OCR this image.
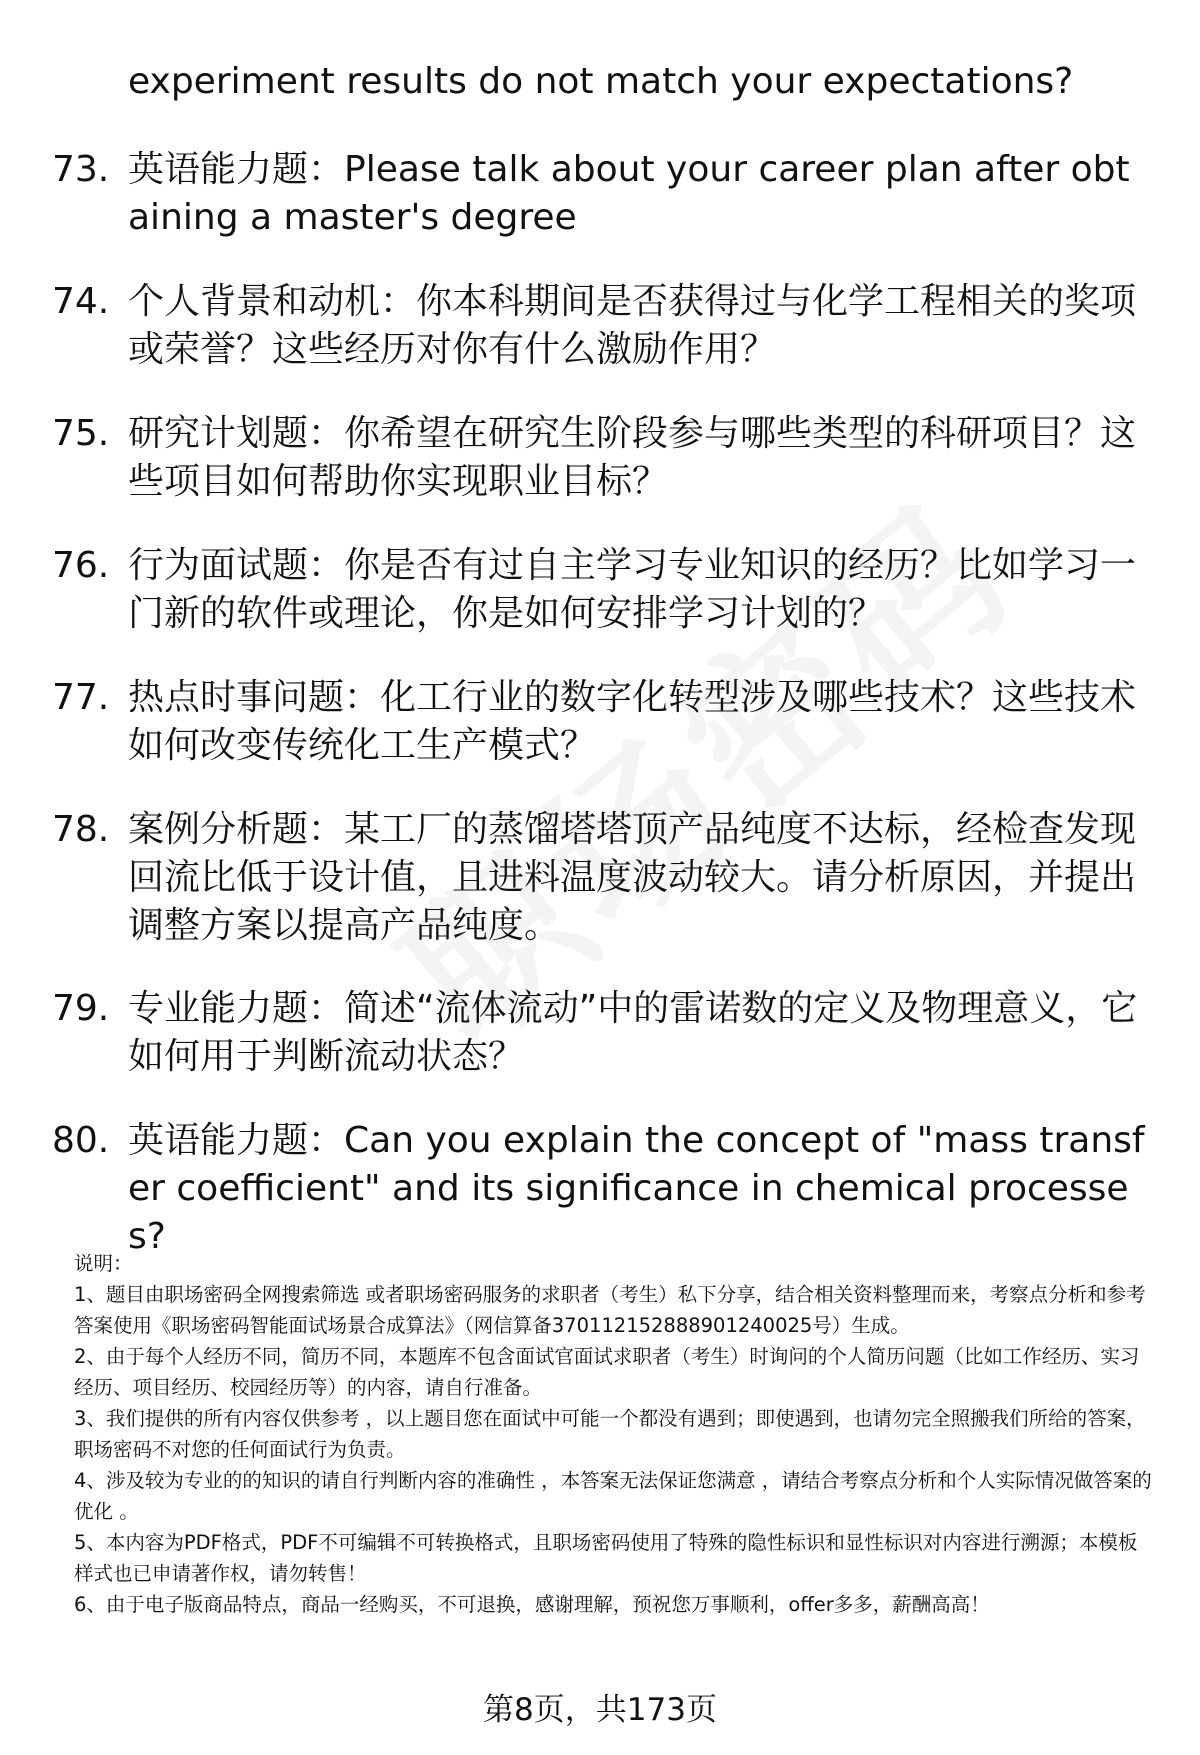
experiment results do not match your expectations?
73. 英语能力题：Please talk about your career plan after obtaining a master's degree
74. 个人背景和动机：你本科期间是否获得过与化学工程相关的奖项或荣誉？这些经历对你有什么激励作用？
75. 研究计划题：你希望在研究生阶段参与哪些类型的科研项目？这些项目如何帮助你实现职业目标？
76. 行为面试题：你是否有过自主学习专业知识的经历？比如学习一门新的软件或理论，你是如何安排学习计划的？
77. 热点时事问题：化工行业的数字化转型涉及哪些技术？这些技术如何改变传统化工生产模式？
78. 案例分析题：某工厂的蒸馏塔塔顶产品纯度不达标，经检查发现回流比低于设计值，且进料温度波动较大。请分析原因，并提出调整方案以提高产品纯度。
79. 专业能力题：简述“流体流动”中的雷诺数的定义及物理意义，它如何用于判断流动状态？
80. 英语能力题：Can you explain the concept of "mass transfer coefficient" and its significance in chemical processes?

说明：

1、题目由职场密码全网搜索筛选 或者职场密码服务的求职者（考生）私下分享，结合相关资料整理而来，考察点分析和参考答案使用《职场密码智能面试场景合成算法》（网信算备370112152888901240025号）生成。

2、由于每个人经历不同，简历不同，本题库不包含面试官面试求职者（考生）时询问的个人简历问题（比如工作经历、实习经历、项目经历、校园经历等）的内容，请自行准备。

3、我们提供的所有内容仅供参考 ，以上题目您在面试中可能一个都没有遇到；即使遇到，也请勿完全照搬我们所给的答案，职场密码不对您的任何面试行为负责。

4、涉及较为专业的的知识的请自行判断内容的准确性 ，本答案无法保证您满意 ，请结合考察点分析和个人实际情况做答案的优化 。

5、本内容为PDF格式，PDF不可编辑不可转换格式，且职场密码使用了特殊的隐性标识和显性标识对内容进行溯源；本模板样式也已申请著作权，请勿转售！

6、由于电子版商品特点，商品一经购买，不可退换，感谢理解，预祝您万事顺利，offer多多，薪酬高高！

第8页，共173页
